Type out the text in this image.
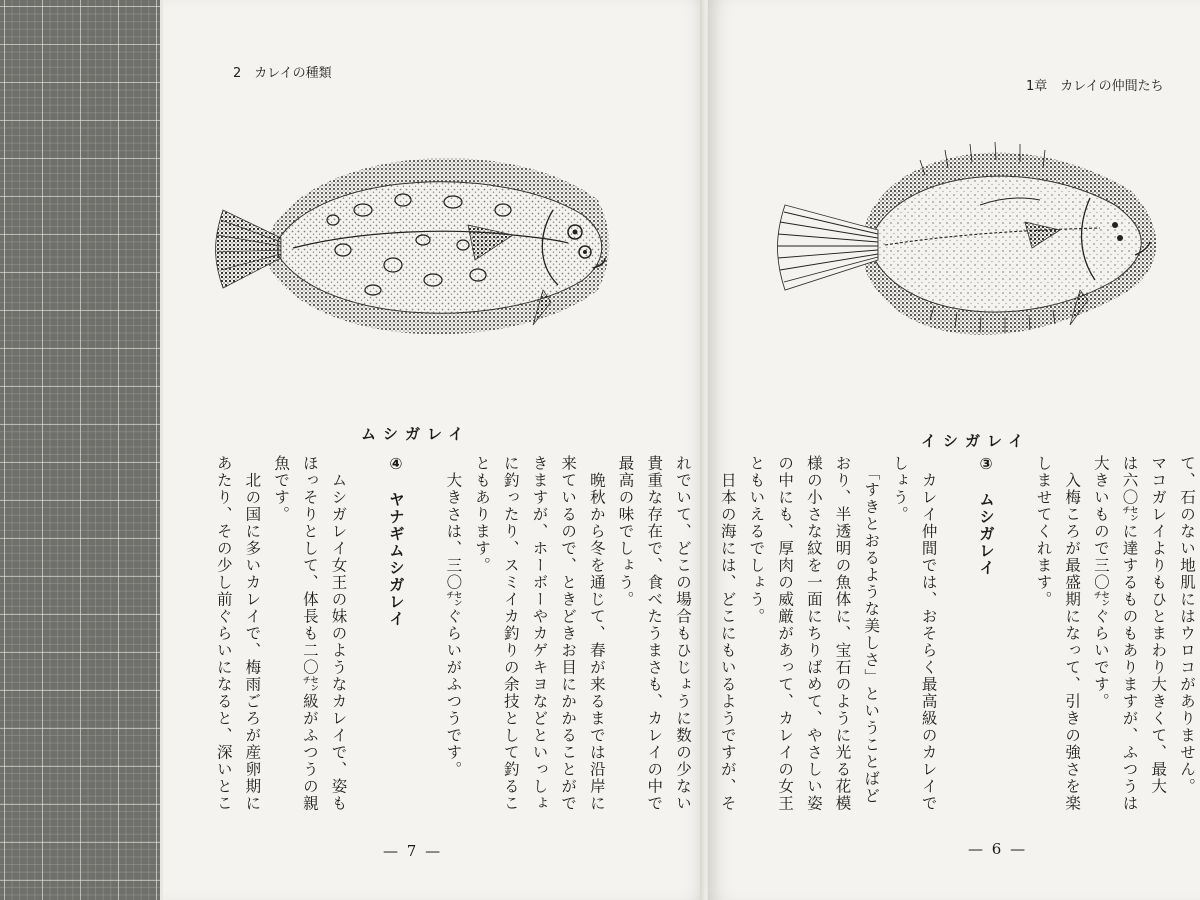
2　カレイの種類
ムシガレイ
れでいて、どこの場合もひじょうに数の少ない
貴重な存在で、食べたうまさも、カレイの中で
最高の味でしょう。
　晩秋から冬を通じて、春が来るまでは沿岸に
来ているので、ときどきお目にかかることがで
きますが、ホーボーやカゲキヨなどといっしょ
に釣ったり、スミイカ釣りの余技として釣るこ
ともあります。
　大きさは、三〇㌢ぐらいがふつうです。

④　ヤナギムシガレイ

　ムシガレイ女王の妹のようなカレイで、姿も
ほっそりとして、体長も二〇㌢級がふつうの親
魚です。
　北の国に多いカレイで、梅雨ごろが産卵期に
あたり、その少し前ぐらいになると、深いとこ
— 7 —
1章　カレイの仲間たち
イシガレイ
て、石のない地肌にはウロコがありません。
マコガレイよりもひとまわり大きくて、最大
は六〇㌢に達するものもありますが、ふつうは
大きいもので三〇㌢ぐらいです。
　入梅ころが最盛期になって、引きの強さを楽
しませてくれます。

③　ムシガレイ

　カレイ仲間では、おそらく最高級のカレイで
しょう。
　「すきとおるような美しさ」ということばど
おり、半透明の魚体に、宝石のように光る花模
様の小さな紋を一面にちりばめて、やさしい姿
の中にも、厚肉の威厳があって、カレイの女王
ともいえるでしょう。
　日本の海には、どこにもいるようですが、そ
— 6 —
